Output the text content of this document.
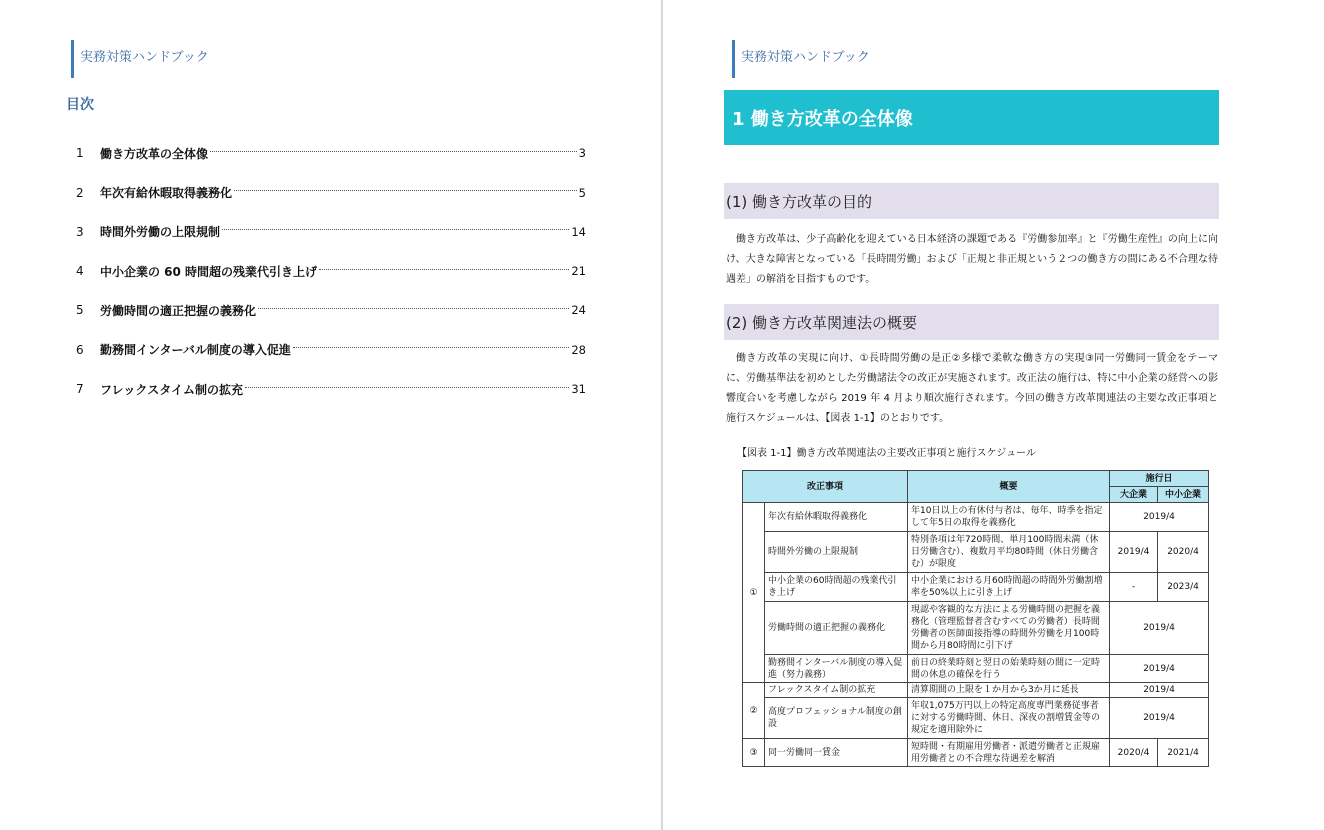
実務対策ハンドブック
目次
1	働き方改革の全体像	3
2	年次有給休暇取得義務化	5
3	時間外労働の上限規制	14
4	中小企業の 60 時間超の残業代引き上げ	21
5	労働時間の適正把握の義務化	24
6	勤務間インターバル制度の導入促進	28
7	フレックスタイム制の拡充	31
実務対策ハンドブック
1 働き方改革の全体像
(1) 働き方改革の目的
働き方改革は、少子高齢化を迎えている日本経済の課題である『労働参加率』と『労働生産性』の向上に向け、大きな障害となっている「長時間労働」および「正規と非正規という２つの働き方の間にある不合理な待遇差」の解消を目指すものです。
(2) 働き方改革関連法の概要
働き方改革の実現に向け、①長時間労働の是正②多様で柔軟な働き方の実現③同一労働同一賃金をテーマに、労働基準法を初めとした労働諸法令の改正が実施されます。改正法の施行は、特に中小企業の経営への影響度合いを考慮しながら 2019 年 4 月より順次施行されます。今回の働き方改革関連法の主要な改正事項と施行スケジュールは、【図表 1-1】のとおりです。
【図表 1-1】働き方改革関連法の主要改正事項と施行スケジュール
改正事項		概要	施行日	
			大企業	中小企業
①	年次有給休暇取得義務化	年10日以上の有休付与者は、毎年、時季を指定して年5日の取得を義務化	2019/4	
	時間外労働の上限規制	特別条項は年720時間、単月100時間未満（休日労働含む）、複数月平均80時間（休日労働含む）が限度	2019/4	2020/4
	中小企業の60時間超の残業代引き上げ	中小企業における月60時間超の時間外労働割増率を50%以上に引き上げ	-	2023/4
	労働時間の適正把握の義務化	現認や客観的な方法による労働時間の把握を義務化（管理監督者含むすべての労働者）長時間労働者の医師面接指導の時間外労働を月100時間から月80時間に引下げ	2019/4	
	勤務間インターバル制度の導入促進（努力義務）	前日の終業時刻と翌日の始業時刻の間に一定時間の休息の確保を行う	2019/4	
②	フレックスタイム制の拡充	清算期間の上限を１か月から3か月に延長	2019/4	
	高度プロフェッショナル制度の創設	年収1,075万円以上の特定高度専門業務従事者に対する労働時間、休日、深夜の割増賃金等の規定を適用除外に	2019/4	
③	同一労働同一賃金	短時間・有期雇用労働者・派遣労働者と正規雇用労働者との不合理な待遇差を解消	2020/4	2021/4
